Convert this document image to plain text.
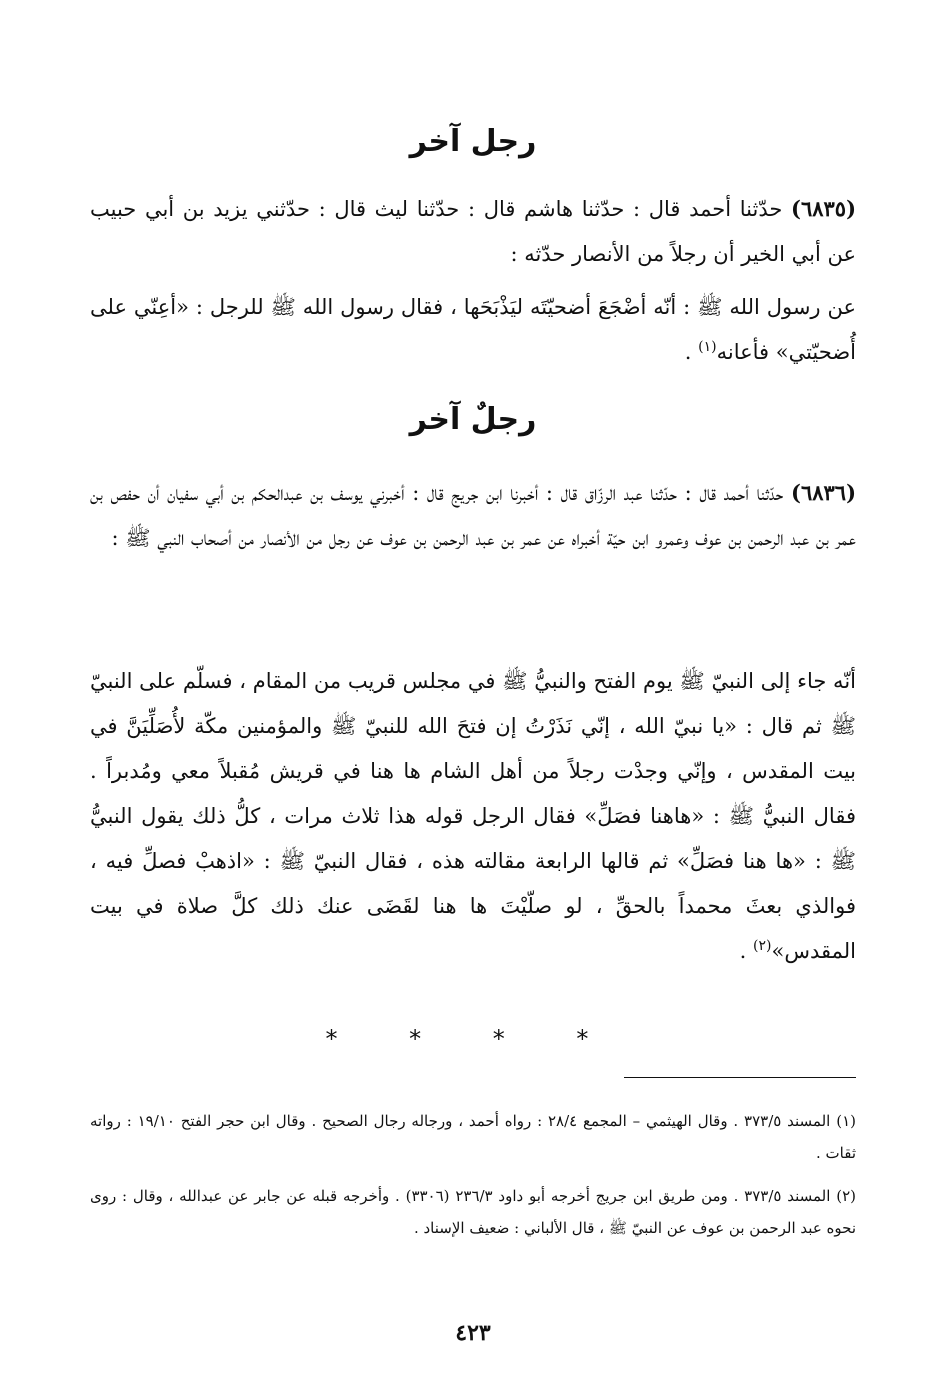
رجل آخر
(٦٨٣٥) حدّثنا أحمد قال : حدّثنا هاشم قال : حدّثنا ليث قال : حدّثني يزيد بن أبي حبيب عن أبي الخير أن رجلاً من الأنصار حدّثه :
عن رسول الله ﷺ : أنّه أضْجَعَ أضحيّتَه ليَذْبَحَها ، فقال رسول الله ﷺ للرجل : «أعِنّي على أُضحيّتي» فأعانه$^{(١)}$ .
رجلٌ آخر
(٦٨٣٦) حدّثنا أحمد قال : حدّثنا عبد الرزّاق قال : أخبرنا ابن جريج قال : أخبرني يوسف بن عبدالحكم بن أبي سفيان أن حفص بن عمر بن عبد الرحمن بن عوف وعمرو ابن حيّة أخبراه عن عمر بن عبد الرحمن بن عوف عن رجل من الأنصار من أصحاب النبي ﷺ :
أنّه جاء إلى النبيّ ﷺ يوم الفتح والنبيُّ ﷺ في مجلس قريب من المقام ، فسلّم على النبيّ ﷺ ثم قال : «يا نبيّ الله ، إنّي نَذَرْتُ إن فتحَ الله للنبيّ ﷺ والمؤمنين مكّة لأُصَلِّيَنَّ في بيت المقدس ، وإنّي وجدْت رجلاً من أهل الشام ها هنا في قريش مُقبلاً معي ومُدبراً . فقال النبيُّ ﷺ : «هاهنا فصَلِّ» فقال الرجل قوله هذا ثلاث مرات ، كلُّ ذلك يقول النبيُّ ﷺ : «ها هنا فصَلِّ» ثم قالها الرابعة مقالته هذه ، فقال النبيّ ﷺ : «اذهبْ فصلِّ فيه ، فوالذي بعثَ محمداً بالحقِّ ، لو صلّيْتَ ها هنا لقَضَى عنك ذلك كلَّ صلاة في بيت المقدس»$^{(٢)}$ .
* * * *
(١) المسند ٣٧٣/٥ . وقال الهيثمي – المجمع ٢٨/٤ : رواه أحمد ، ورجاله رجال الصحيح . وقال ابن حجر الفتح ١٩/١٠ : رواته ثقات .
(٢) المسند ٣٧٣/٥ . ومن طريق ابن جريج أخرجه أبو داود ٢٣٦/٣ (٣٣٠٦) . وأخرجه قبله عن جابر عن عبدالله ، وقال : روى نحوه عبد الرحمن بن عوف عن النبيّ ﷺ ، قال الألباني : ضعيف الإسناد .
٤٢٣
